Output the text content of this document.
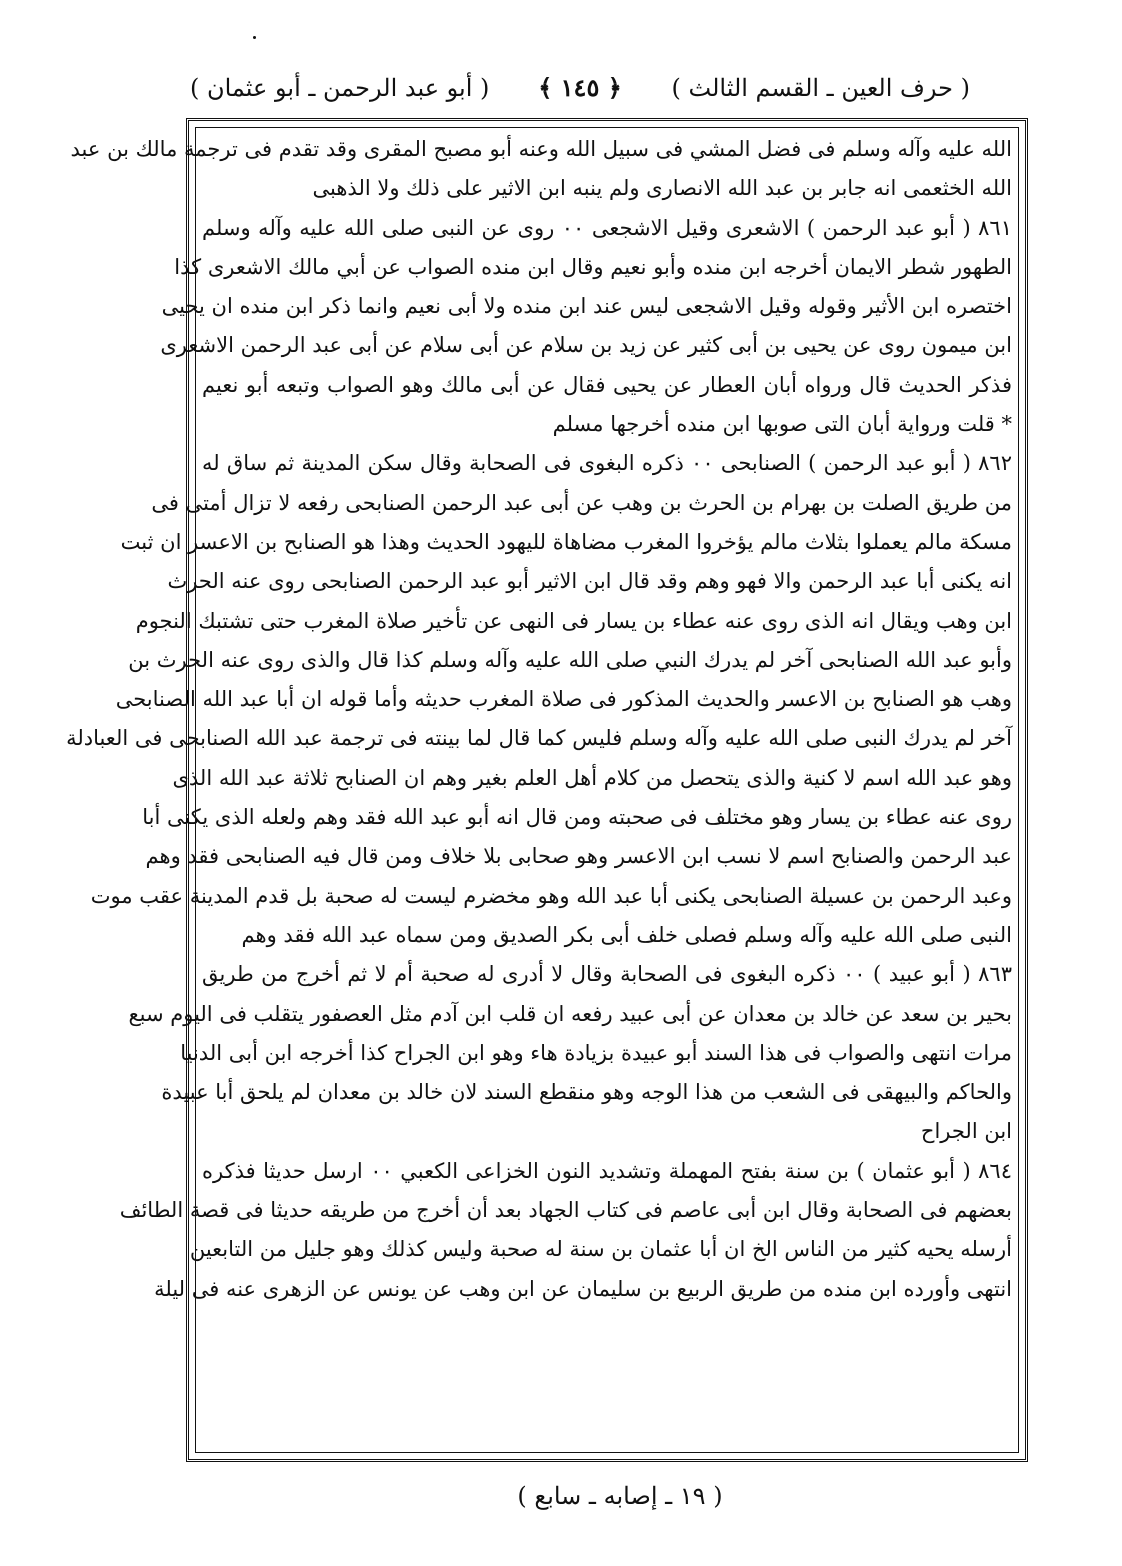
( حرف العين ـ القسم الثالث )
﴿ ١٤٥ ﴾
( أبو عبد الرحمن ـ أبو عثمان )
الله عليه وآله وسلم فى فضل المشي فى سبيل الله وعنه أبو مصبح المقرى وقد تقدم فى ترجمة مالك بن عبد
الله الخثعمى انه جابر بن عبد الله الانصارى ولم ينبه ابن الاثير على ذلك ولا الذهبى
٨٦١ ( أبو عبد الرحمن ) الاشعرى وقيل الاشجعى ٠٠ روى عن النبى صلى الله عليه وآله وسلم
الطهور شطر الايمان أخرجه ابن منده وأبو نعيم وقال ابن منده الصواب عن أبي مالك الاشعرى كذا
اختصره ابن الأثير وقوله وقيل الاشجعى ليس عند ابن منده ولا أبى نعيم وانما ذكر ابن منده ان يحيى
ابن ميمون روى عن يحيى بن أبى كثير عن زيد بن سلام عن أبى سلام عن أبى عبد الرحمن الاشعرى
فذكر الحديث قال ورواه أبان العطار عن يحيى فقال عن أبى مالك وهو الصواب وتبعه أبو نعيم
* قلت ورواية أبان التى صوبها ابن منده أخرجها مسلم
٨٦٢ ( أبو عبد الرحمن ) الصنابحى ٠٠ ذكره البغوى فى الصحابة وقال سكن المدينة ثم ساق له
من طريق الصلت بن بهرام بن الحرث بن وهب عن أبى عبد الرحمن الصنابحى رفعه لا تزال أمتى فى
مسكة مالم يعملوا بثلاث مالم يؤخروا المغرب مضاهاة لليهود الحديث وهذا هو الصنابح بن الاعسر ان ثبت
انه يكنى أبا عبد الرحمن والا فهو وهم وقد قال ابن الاثير أبو عبد الرحمن الصنابحى روى عنه الحرث
ابن وهب ويقال انه الذى روى عنه عطاء بن يسار فى النهى عن تأخير صلاة المغرب حتى تشتبك النجوم
وأبو عبد الله الصنابحى آخر لم يدرك النبي صلى الله عليه وآله وسلم كذا قال والذى روى عنه الحرث بن
وهب هو الصنابح بن الاعسر والحديث المذكور فى صلاة المغرب حديثه وأما قوله ان أبا عبد الله الصنابحى
آخر لم يدرك النبى صلى الله عليه وآله وسلم فليس كما قال لما بينته فى ترجمة عبد الله الصنابحى فى العبادلة
وهو عبد الله اسم لا كنية والذى يتحصل من كلام أهل العلم بغير وهم ان الصنابح ثلاثة عبد الله الذى
روى عنه عطاء بن يسار وهو مختلف فى صحبته ومن قال انه أبو عبد الله فقد وهم ولعله الذى يكنى أبا
عبد الرحمن والصنابح اسم لا نسب ابن الاعسر وهو صحابى بلا خلاف ومن قال فيه الصنابحى فقد وهم
وعبد الرحمن بن عسيلة الصنابحى يكنى أبا عبد الله وهو مخضرم ليست له صحبة بل قدم المدينة عقب موت
النبى صلى الله عليه وآله وسلم فصلى خلف أبى بكر الصديق ومن سماه عبد الله فقد وهم
٨٦٣ ( أبو عبيد ) ٠٠ ذكره البغوى فى الصحابة وقال لا أدرى له صحبة أم لا ثم أخرج من طريق
بحير بن سعد عن خالد بن معدان عن أبى عبيد رفعه ان قلب ابن آدم مثل العصفور يتقلب فى اليوم سبع
مرات انتهى والصواب فى هذا السند أبو عبيدة بزيادة هاء وهو ابن الجراح كذا أخرجه ابن أبى الدنيا
والحاكم والبيهقى فى الشعب من هذا الوجه وهو منقطع السند لان خالد بن معدان لم يلحق أبا عبيدة
ابن الجراح
٨٦٤ ( أبو عثمان ) بن سنة بفتح المهملة وتشديد النون الخزاعى الكعبي ٠٠ ارسل حديثا فذكره
بعضهم فى الصحابة وقال ابن أبى عاصم فى كتاب الجهاد بعد أن أخرج من طريقه حديثا فى قصة الطائف
أرسله يحيه كثير من الناس الخ ان أبا عثمان بن سنة له صحبة وليس كذلك وهو جليل من التابعين
انتهى وأورده ابن منده من طريق الربيع بن سليمان عن ابن وهب عن يونس عن الزهرى عنه فى ليلة
( ١٩ ـ إصابه ـ سابع )
